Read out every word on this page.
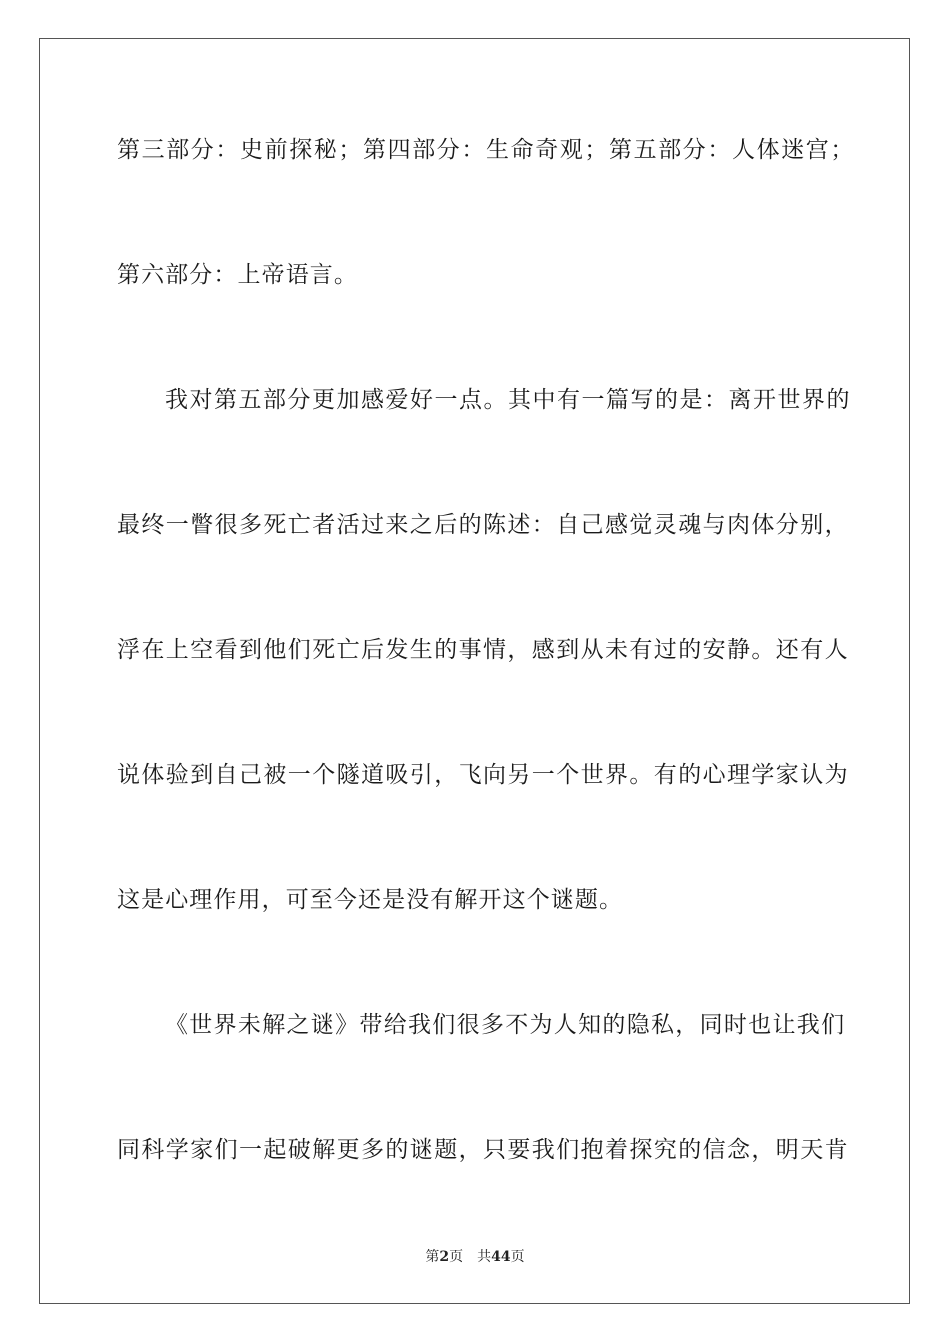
第三部分：史前探秘；第四部分：生命奇观；第五部分：人体迷宫；
第六部分：上帝语言。
我对第五部分更加感爱好一点。其中有一篇写的是：离开世界的
最终一瞥很多死亡者活过来之后的陈述：自己感觉灵魂与肉体分别，
浮在上空看到他们死亡后发生的事情，感到从未有过的安静。还有人
说体验到自己被一个隧道吸引，飞向另一个世界。有的心理学家认为
这是心理作用，可至今还是没有解开这个谜题。
《世界未解之谜》带给我们很多不为人知的隐私，同时也让我们
同科学家们一起破解更多的谜题，只要我们抱着探究的信念，明天肯
第2页 共44页
